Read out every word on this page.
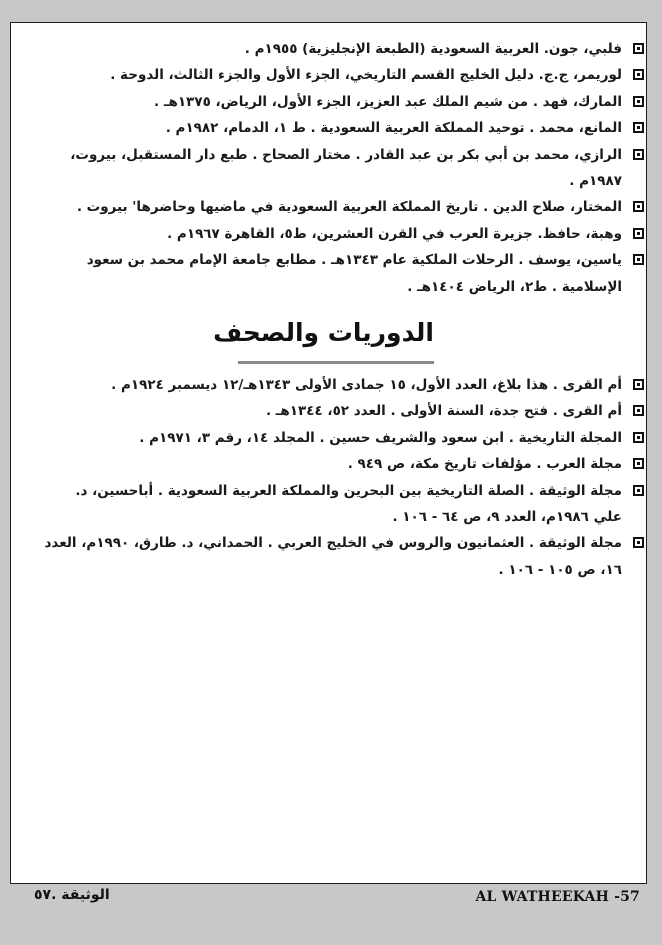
فلبي، جون. العربية السعودية (الطبعة الإنجليزية) ١٩٥٥م .
لوريمر، ج.ج. دليل الخليج القسم التاريخي، الجزء الأول والجزء الثالث، الدوحة .
المارك، فهد . من شيم الملك عبد العزيز، الجزء الأول، الرياض، ١٣٧٥هـ .
المانع، محمد . توحيد المملكة العربية السعودية . ط ١، الدمام، ١٩٨٢م .
الرازي، محمد بن أبي بكر بن عبد القادر . مختار الصحاح . طبع دار المستقبل، بيروت، ١٩٨٧م .
المختار، صلاح الدين . تاريخ المملكة العربية السعودية في ماضيها وحاضرها' بيروت .
وهبة، حافظ. جزيرة العرب في القرن العشرين، ط٥، القاهرة ١٩٦٧م .
ياسين، يوسف . الرحلات الملكية عام ١٣٤٣هـ . مطابع جامعة الإمام محمد بن سعود الإسلامية . ط٢، الرياض ١٤٠٤هـ .
الدوريات والصحف
أم القرى . هذا بلاغ، العدد الأول، ١٥ جمادى الأولى ١٣٤٣هـ/١٢ ديسمبر ١٩٢٤م .
أم القرى . فتح جدة، السنة الأولى . العدد ٥٢، ١٣٤٤هـ .
المجلة التاريخية . ابن سعود والشريف حسين . المجلد ١٤، رقم ٣، ١٩٧١م .
مجلة العرب . مؤلفات تاريخ مكة، ص ٩٤٩ .
مجلة الوثيقة . الصلة التاريخية بين البحرين والمملكة العربية السعودية . أباحسين، د. علي ١٩٨٦م، العدد ٩، ص ٦٤ - ١٠٦ .
مجلة الوثيقة . العثمانيون والروس في الخليج العربي . الحمداني، د. طارق، ١٩٩٠م، العدد ١٦، ص ١٠٥ - ١٠٦ .
الوثيقة .٥٧	AL WATHEEKAH -57
